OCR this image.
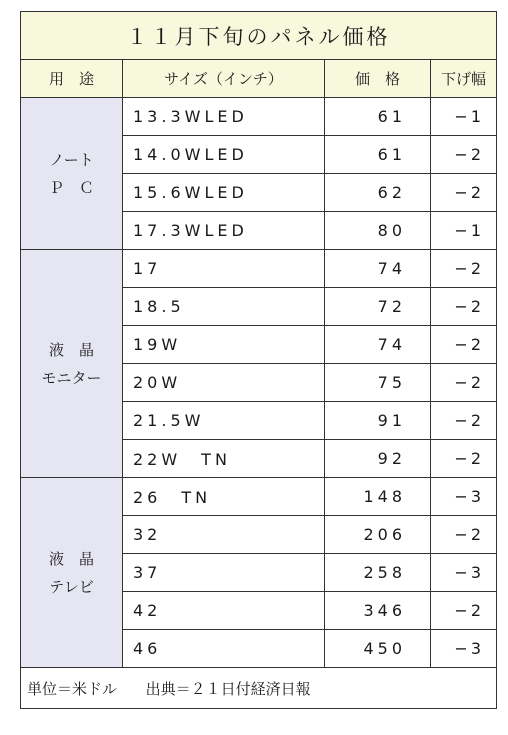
１１月下旬のパネル価格			
用　途	サイズ（インチ）	価　格	下げ幅

ノート
Ｐ　Ｃ	13.3WLED	61	−1
	14.0WLED	61	−2
	15.6WLED	62	−2
	17.3WLED	80	−1

液　晶
モニター	17	74	−2
	18.5	72	−2
	19W	74	−2
	20W	75	−2
	21.5W	91	−2
	22W　TN	92	−2

液　晶
テレビ	26　TN	148	−3
	32	206	−2
	37	258	−3
	42	346	−2
	46	450	−3
単位＝米ドル 出典＝２１日付経済日報			
